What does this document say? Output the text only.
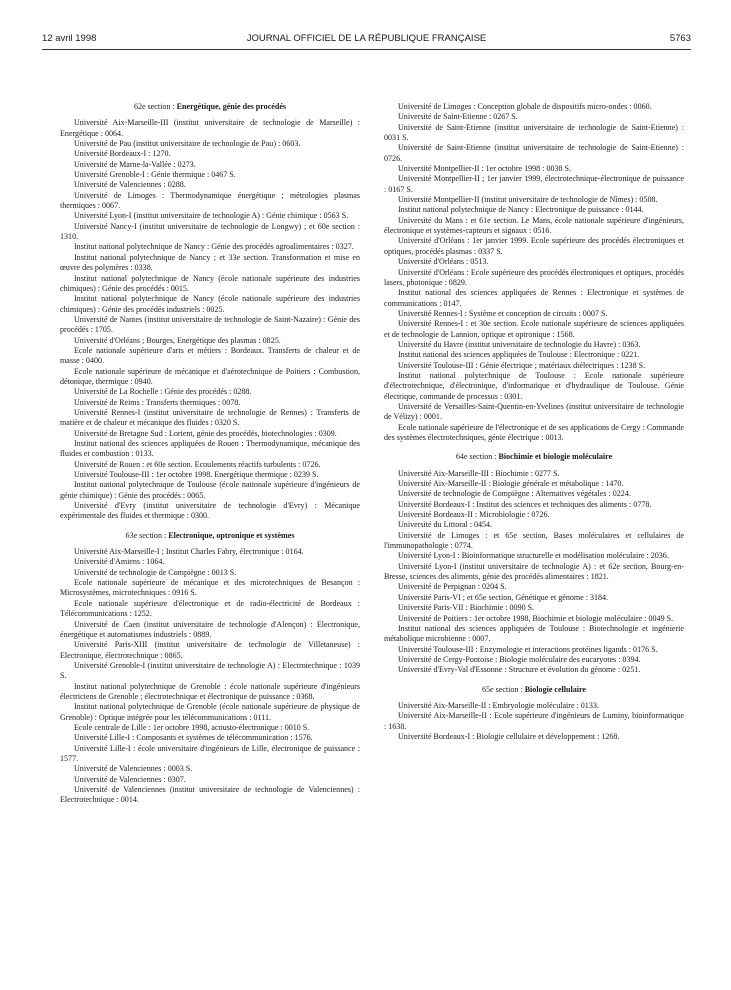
12 avril 1998	JOURNAL OFFICIEL DE LA RÉPUBLIQUE FRANÇAISE	5763
62e section : Energétique, génie des procédés

Université Aix-Marseille-III (institut universitaire de technologie de Marseille) : Energétique : 0064.

Université de Pau (institut universitaire de technologie de Pau) : 0603.

Université Bordeaux-I : 1270.

Université de Marne-la-Vallée : 0273.

Université Grenoble-I : Génie thermique : 0467 S.

Université de Valenciennes : 0288.

Université de Limoges : Thermodynamique énergétique ; métrologies plasmas thermiques : 0067.

Université Lyon-I (institut universitaire de technologie A) : Génie chimique : 0563 S.

Université Nancy-I (institut universitaire de technologie de Longwy) ; et 60e section : 1310.

Institut national polytechnique de Nancy : Génie des procédés agroalimentaires : 0327.

Institut national polytechnique de Nancy ; et 33e section. Transformation et mise en œuvre des polymères : 0338.

Institut national polytechnique de Nancy (école nationale supérieure des industries chimiques) : Génie des procédés : 0015.

Institut national polytechnique de Nancy (école nationale supérieure des industries chimiques) : Génie des procédés industriels : 0025.

Université de Nantes (institut universitaire de technologie de Saint-Nazaire) : Génie des procédés : 1705.

Université d'Orléans ; Bourges, Energétique des plasmas : 0825.

Ecole nationale supérieure d'arts et métiers : Bordeaux. Transferts de chaleur et de masse : 0400.

Ecole nationale supérieure de mécanique et d'aérotechnique de Poitiers : Combustion, détonique, thermique : 0940.

Université de La Rochelle : Génie des procédés : 0288.

Université de Reims : Transferts thermiques : 0078.

Université Rennes-I (institut universitaire de technologie de Rennes) : Transferts de matière et de chaleur et mécanique des fluides : 0320 S.

Université de Bretagne Sud : Lorient, génie des procédés, biotechnologies : 0309.

Institut national des sciences appliquées de Rouen : Thermodynamique, mécanique des fluides et combustion : 0133.

Université de Rouen : et 60e section. Ecoulements réactifs turbulents : 0726.

Université Toulouse-III : 1er octobre 1998. Energétique thermique : 0239 S.

Institut national polytechnique de Toulouse (école nationale supérieure d'ingénieurs de génie chimique) : Génie des procédés : 0065.

Université d'Evry (institut universitaire de technologie d'Evry) : Mécanique expérimentale des fluides et thermique : 0300.

63e section : Electronique, optronique et systèmes

Université Aix-Marseille-I ; Institut Charles Fabry, électronique : 0164.

Université d'Amiens : 1064.

Université de technologie de Compiègne : 0013 S.

Ecole nationale supérieure de mécanique et des microtechniques de Besançon : Microsystèmes, microtechniques : 0916 S.

Ecole nationale supérieure d'électronique et de radio-électricité de Bordeaux : Télécommunications : 1252.

Université de Caen (institut universitaire de technologie d'Alençon) : Electronique, énergétique et automatismes industriels : 0889.

Université Paris-XIII (institut universitaire de technologie de Villetaneuse) : Electronique, électrotechnique : 0865.

Université Grenoble-I (institut universitaire de technologie A) : Electrotechnique : 1039 S.

Institut national polytechnique de Grenoble : école nationale supérieure d'ingénieurs électriciens de Grenoble ; électrotechnique et électronique de puissance : 0368.

Institut national polytechnique de Grenoble (école nationale supérieure de physique de Grenoble) : Optique intégrée pour les télécommunications : 0111.

Ecole centrale de Lille : 1er octobre 1998, acousto-électronique : 0010 S.

Université Lille-I : Composants et systèmes de télécommunication : 1576.

Université Lille-I : école universitaire d'ingénieurs de Lille, électronique de puissance : 1577.

Université de Valenciennes : 0003 S.

Université de Valenciennes : 0307.

Université de Valenciennes (institut universitaire de technologie de Valenciennes) : Electrotechnique : 0014.

Université de Limoges : Conception globale de dispositifs micro-ondes : 0060.

Université de Saint-Etienne : 0267 S.

Université de Saint-Etienne (institut universitaire de technologie de Saint-Etienne) : 0031 S.

Université de Saint-Etienne (institut universitaire de technologie de Saint-Etienne) : 0726.

Université Montpellier-II : 1er octobre 1998 : 0038 S.

Université Montpellier-II ; 1er janvier 1999, électrotechnique-électronique de puissance : 0167 S.

Université Montpellier-II (institut universitaire de technologie de Nîmes) : 0508.

Institut national polytechnique de Nancy : Electronique de puissance : 0144.

Université du Mans : et 61e section. Le Mans, école nationale supérieure d'ingénieurs, électronique et systèmes-capteurs et signaux : 0516.

Université d'Orléans : 1er janvier 1999. Ecole supérieure des procédés électroniques et optiques, procédés plasmas : 0337 S.

Université d'Orléans : 0513.

Université d'Orléans : Ecole supérieure des procédés électroniques et optiques, procédés lasers, photonique : 0829.

Institut national des sciences appliquées de Rennes : Electronique et systèmes de communications : 0147.

Université Rennes-I : Système et conception de circuits : 0007 S.

Université Rennes-I : et 30e section. Ecole nationale supérieure de sciences appliquées et de technologie de Lannion, optique et optronique : 1568.

Université du Havre (institut universitaire de technologie du Havre) : 0363.

Institut national des sciences appliquées de Toulouse : Electronique : 0221.

Université Toulouse-III : Génie électrique ; matériaux diélectriques : 1238 S.

Institut national polytechnique de Toulouse : Ecole nationale supérieure d'électrotechnique, d'électronique, d'informatique et d'hydraulique de Toulouse. Génie électrique, commande de processus : 0301.

Université de Versailles-Saint-Quentin-en-Yvelines (institut universitaire de technologie de Vélizy) : 0001.

Ecole nationale supérieure de l'électronique et de ses applications de Cergy : Commande des systèmes électrotechniques, génie électrique : 0013.

64e section : Biochimie et biologie moléculaire

Université Aix-Marseille-III : Biochimie : 0277 S.

Université Aix-Marseille-II : Biologie générale et métabolique : 1470.

Université de technologie de Compiègne : Alternatives végétales : 0224.

Université Bordeaux-I : Institut des sciences et techniques des aliments : 0778.

Université Bordeaux-II : Microbiologie : 0726.

Université du Littoral : 0454.

Université de Limoges : et 65e section, Bases moléculaires et cellulaires de l'immunopathologie : 0774.

Université Lyon-I : Bioinformatique structurelle et modélisation moléculaire : 2036.

Université Lyon-I (institut universitaire de technologie A) : et 62e section, Bourg-en-Bresse, sciences des aliments, génie des procédés alimentaires : 1821.

Université de Perpignan : 0204 S.

Université Paris-VI ; et 65e section, Génétique et génome : 3184.

Université Paris-VII : Biochimie : 0090 S.

Université de Poitiers : 1er octobre 1998, Biochimie et biologie moléculaire : 0049 S.

Institut national des sciences appliquées de Toulouse : Biotechnologie et ingénierie métabolique microbienne : 0007.

Université Toulouse-III : Enzymologie et interactions protéines ligands : 0176 S.

Université de Cergy-Pontoise : Biologie moléculaire des eucaryotes : 0394.

Université d'Evry-Val d'Essonne : Structure et évolution du génome : 0251.

65e section : Biologie cellulaire

Université Aix-Marseille-II : Embryologie moléculaire : 0133.

Université Aix-Marseille-II : Ecole supérieure d'ingénieurs de Luminy, bioinformatique : 1638.

Université Bordeaux-I : Biologie cellulaire et développement : 1268.
